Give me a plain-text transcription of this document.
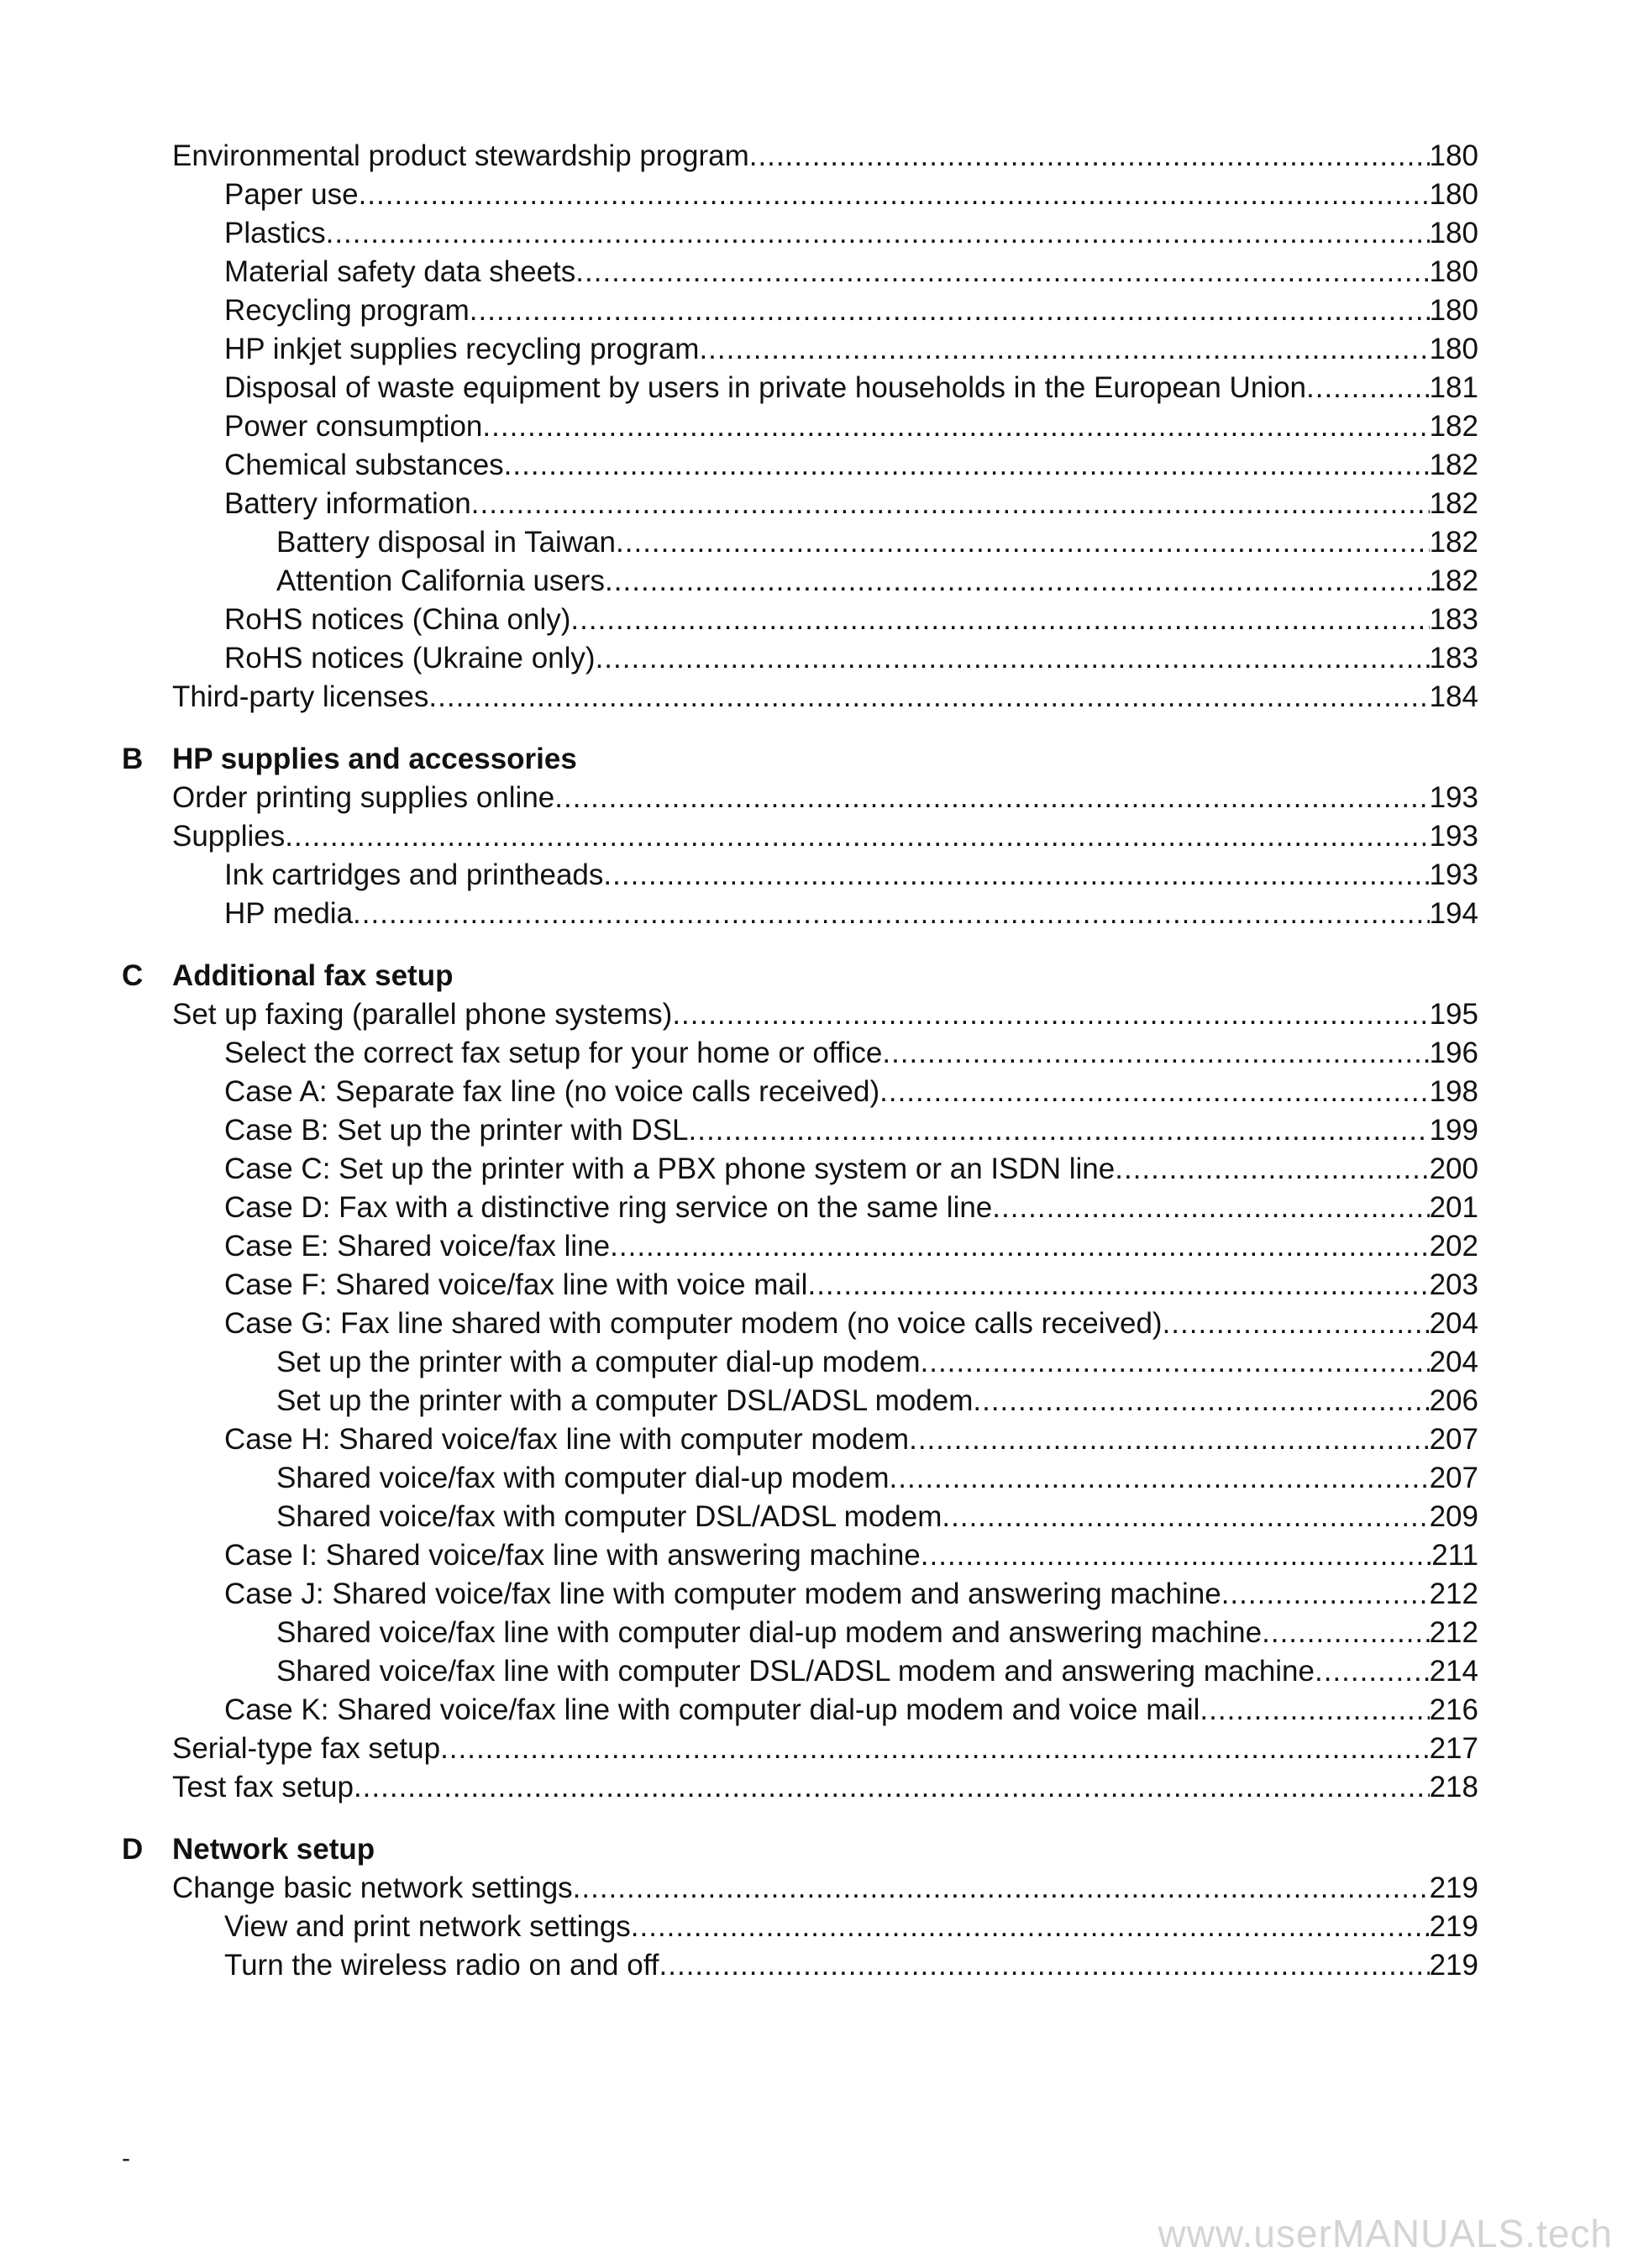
Environmental product stewardship program .....	180
Paper use .....	180
Plastics .....	180
Material safety data sheets .....	180
Recycling program .....	180
HP inkjet supplies recycling program .....	180
Disposal of waste equipment by users in private households in the European Union .....	181
Power consumption .....	182
Chemical substances .....	182
Battery information .....	182
Battery disposal in Taiwan .....	182
Attention California users .....	182
RoHS notices (China only) .....	183
RoHS notices (Ukraine only) .....	183
Third-party licenses .....	184
B HP supplies and accessories
Order printing supplies online .....	193
Supplies .....	193
Ink cartridges and printheads .....	193
HP media .....	194
C Additional fax setup
Set up faxing (parallel phone systems) .....	195
Select the correct fax setup for your home or office .....	196
Case A: Separate fax line (no voice calls received) .....	198
Case B: Set up the printer with DSL .....	199
Case C: Set up the printer with a PBX phone system or an ISDN line .....	200
Case D: Fax with a distinctive ring service on the same line .....	201
Case E: Shared voice/fax line .....	202
Case F: Shared voice/fax line with voice mail .....	203
Case G: Fax line shared with computer modem (no voice calls received) .....	204
Set up the printer with a computer dial-up modem .....	204
Set up the printer with a computer DSL/ADSL modem .....	206
Case H: Shared voice/fax line with computer modem .....	207
Shared voice/fax with computer dial-up modem .....	207
Shared voice/fax with computer DSL/ADSL modem .....	209
Case I: Shared voice/fax line with answering machine .....	211
Case J: Shared voice/fax line with computer modem and answering machine .....	212
Shared voice/fax line with computer dial-up modem and answering machine .....	212
Shared voice/fax line with computer DSL/ADSL modem and answering machine .....	214
Case K: Shared voice/fax line with computer dial-up modem and voice mail .....	216
Serial-type fax setup .....	217
Test fax setup .....	218
D Network setup
Change basic network settings .....	219
View and print network settings .....	219
Turn the wireless radio on and off .....	219
-
www.userMANUALS.tech
